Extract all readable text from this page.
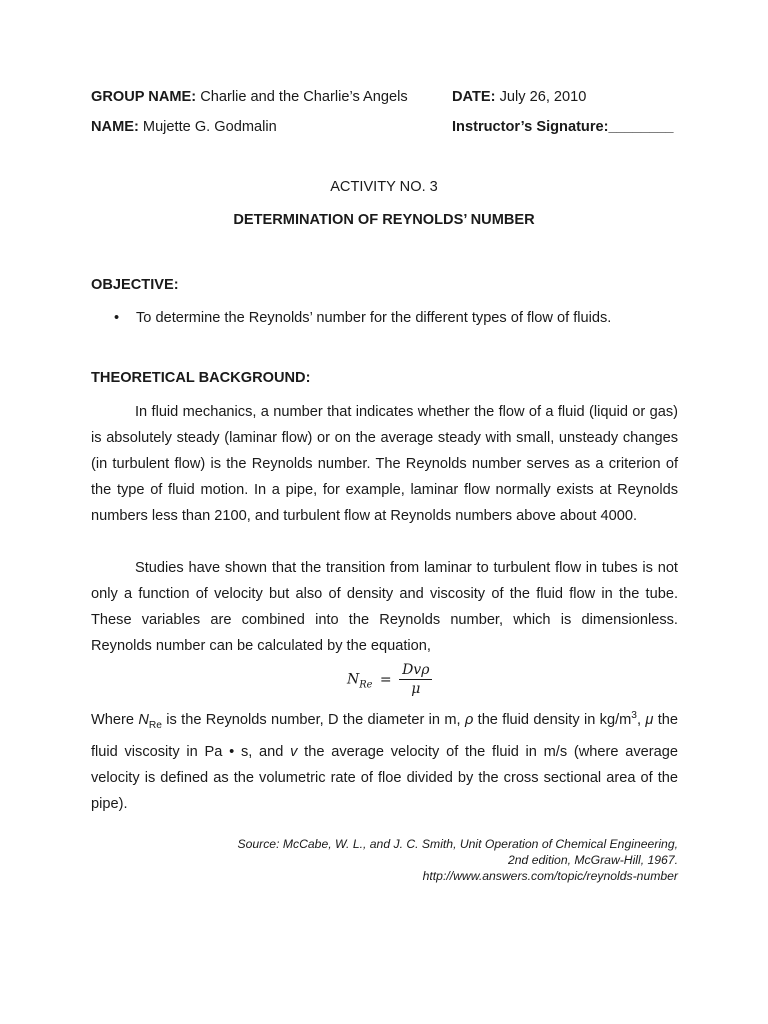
GROUP NAME: Charlie and the Charlie’s Angels	DATE: July 26, 2010
NAME: Mujette G. Godmalin	Instructor’s Signature:________
ACTIVITY NO. 3
DETERMINATION OF REYNOLDS’ NUMBER
OBJECTIVE:
• To determine the Reynolds’ number for the different types of flow of fluids.
THEORETICAL BACKGROUND:
In fluid mechanics, a number that indicates whether the flow of a fluid (liquid or gas) is absolutely steady (laminar flow) or on the average steady with small, unsteady changes (in turbulent flow) is the Reynolds number. The Reynolds number serves as a criterion of the type of fluid motion. In a pipe, for example, laminar flow normally exists at Reynolds numbers less than 2100, and turbulent flow at Reynolds numbers above about 4000.
Studies have shown that the transition from laminar to turbulent flow in tubes is not only a function of velocity but also of density and viscosity of the fluid flow in the tube. These variables are combined into the Reynolds number, which is dimensionless. Reynolds number can be calculated by the equation,
$N_{Re} = \frac{\text{Dvρ}}{\mu}$
Where $N_{Re}$ is the Reynolds number, D the diameter in m, ρ the fluid density in $kg/m^3$, μ the fluid viscosity in Pa • s, and v the average velocity of the fluid in m/s (where average velocity is defined as the volumetric rate of floe divided by the cross sectional area of the pipe).
Source: McCabe, W. L., and J. C. Smith, Unit Operation of Chemical Engineering,
2nd edition, McGraw-Hill, 1967.
http://www.answers.com/topic/reynolds-number
